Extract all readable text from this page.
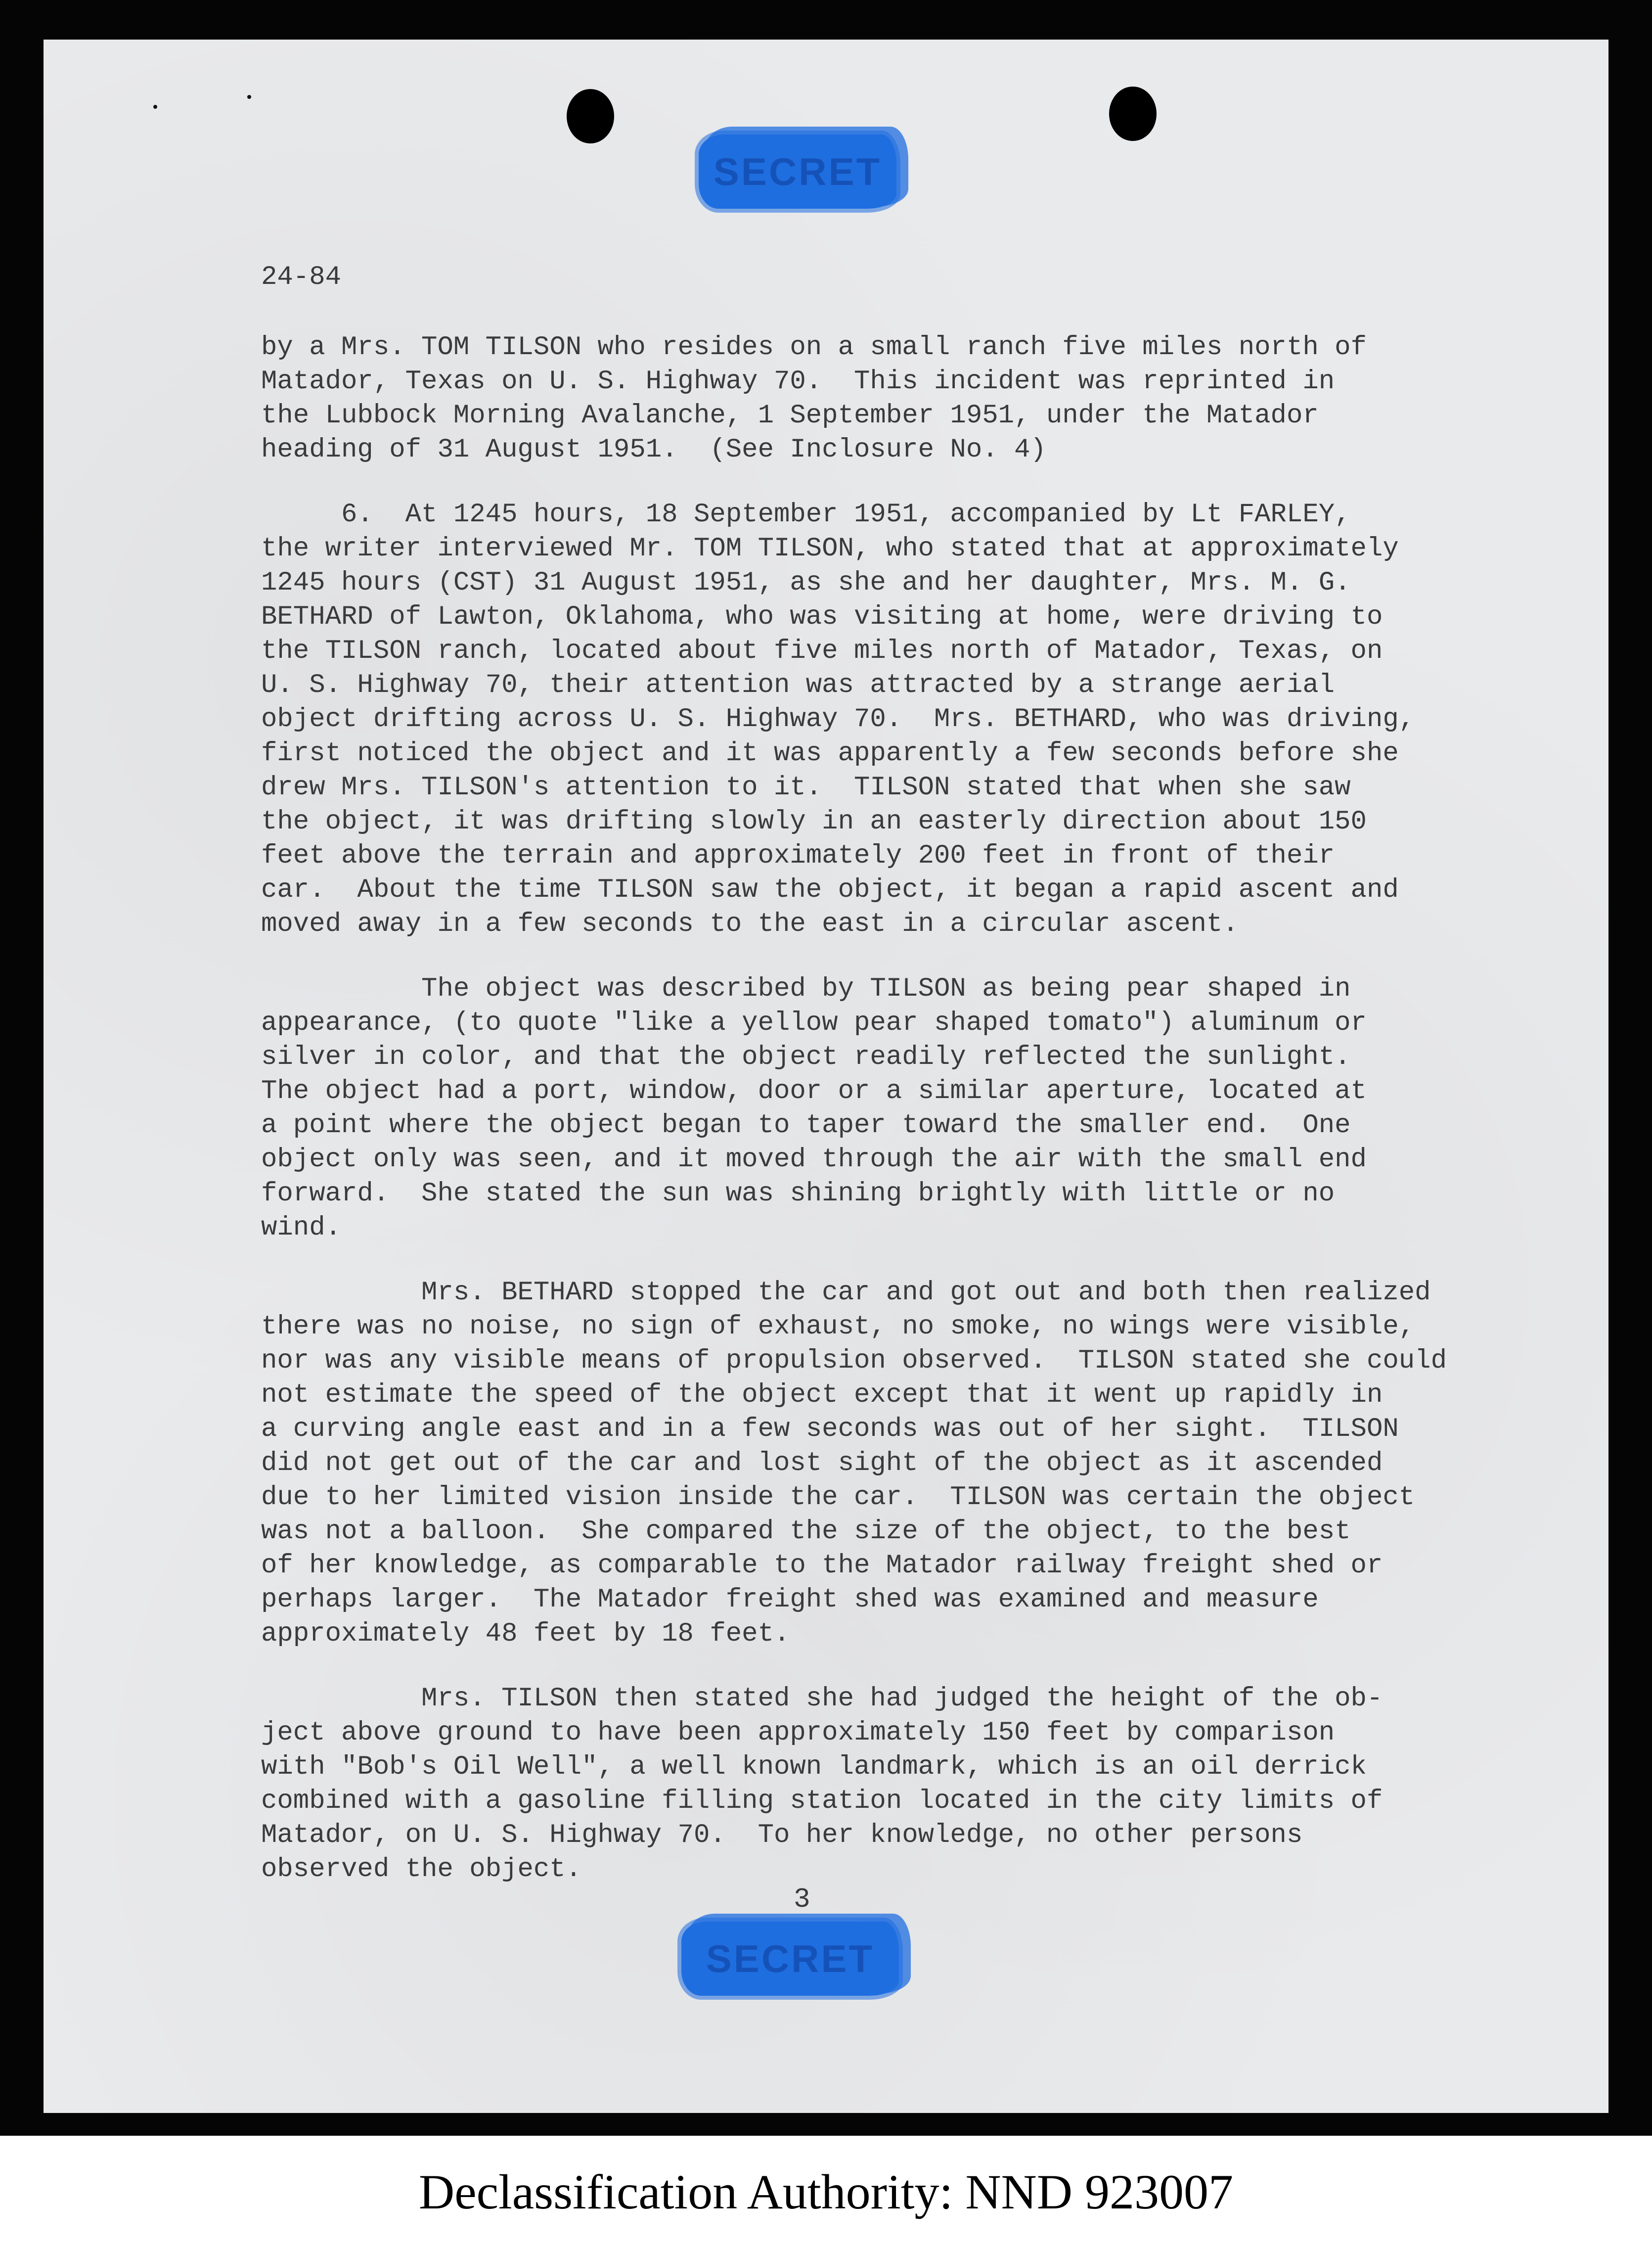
SECRET
24-84
by a Mrs. TOM TILSON who resides on a small ranch five miles north of
Matador, Texas on U. S. Highway 70.  This incident was reprinted in
the Lubbock Morning Avalanche, 1 September 1951, under the Matador
heading of 31 August 1951.  (See Inclosure No. 4)
6.  At 1245 hours, 18 September 1951, accompanied by Lt FARLEY,
the writer interviewed Mr. TOM TILSON, who stated that at approximately
1245 hours (CST) 31 August 1951, as she and her daughter, Mrs. M. G.
BETHARD of Lawton, Oklahoma, who was visiting at home, were driving to
the TILSON ranch, located about five miles north of Matador, Texas, on
U. S. Highway 70, their attention was attracted by a strange aerial
object drifting across U. S. Highway 70.  Mrs. BETHARD, who was driving,
first noticed the object and it was apparently a few seconds before she
drew Mrs. TILSON's attention to it.  TILSON stated that when she saw
the object, it was drifting slowly in an easterly direction about 150
feet above the terrain and approximately 200 feet in front of their
car.  About the time TILSON saw the object, it began a rapid ascent and
moved away in a few seconds to the east in a circular ascent.
The object was described by TILSON as being pear shaped in
appearance, (to quote "like a yellow pear shaped tomato") aluminum or
silver in color, and that the object readily reflected the sunlight.
The object had a port, window, door or a similar aperture, located at
a point where the object began to taper toward the smaller end.  One
object only was seen, and it moved through the air with the small end
forward.  She stated the sun was shining brightly with little or no
wind.
Mrs. BETHARD stopped the car and got out and both then realized
there was no noise, no sign of exhaust, no smoke, no wings were visible,
nor was any visible means of propulsion observed.  TILSON stated she could
not estimate the speed of the object except that it went up rapidly in
a curving angle east and in a few seconds was out of her sight.  TILSON
did not get out of the car and lost sight of the object as it ascended
due to her limited vision inside the car.  TILSON was certain the object
was not a balloon.  She compared the size of the object, to the best
of her knowledge, as comparable to the Matador railway freight shed or
perhaps larger.  The Matador freight shed was examined and measure
approximately 48 feet by 18 feet.
Mrs. TILSON then stated she had judged the height of the ob-
ject above ground to have been approximately 150 feet by comparison
with "Bob's Oil Well", a well known landmark, which is an oil derrick
combined with a gasoline filling station located in the city limits of
Matador, on U. S. Highway 70.  To her knowledge, no other persons
observed the object.
3
SECRET
Declassification Authority: NND 923007
